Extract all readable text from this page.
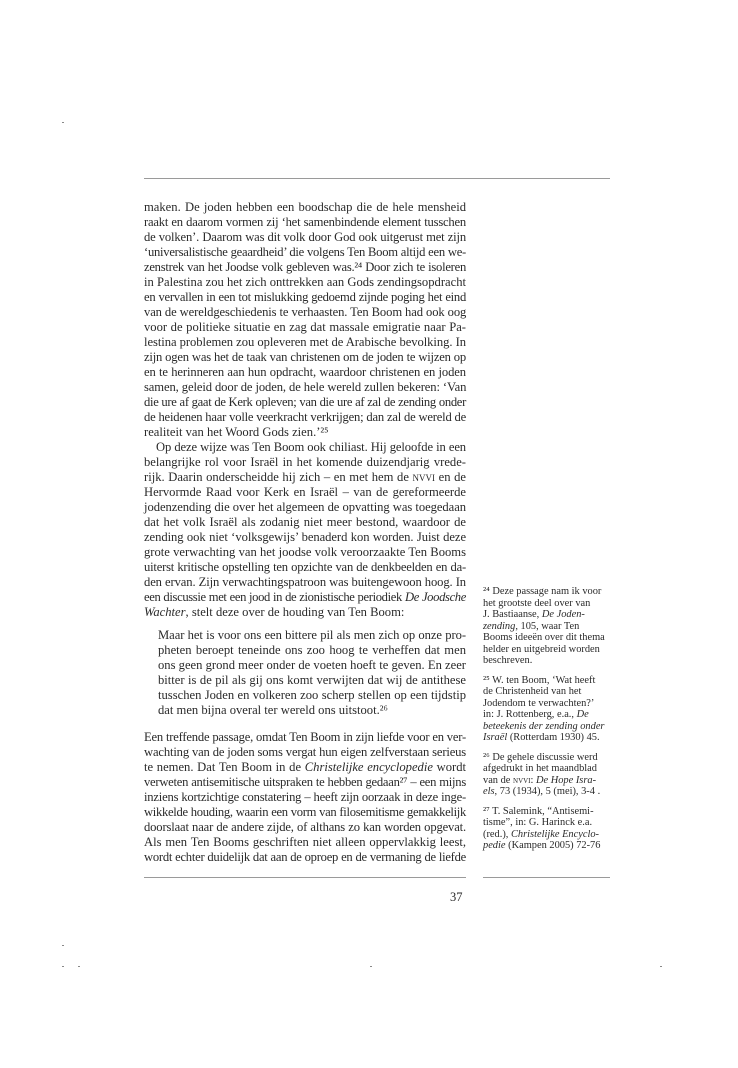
maken. De joden hebben een boodschap die de hele mensheid
raakt en daarom vormen zij ‘het samenbindende element tusschen
de volken’. Daarom was dit volk door God ook uitgerust met zijn
‘universalistische geaardheid’ die volgens Ten Boom altijd een we-
zenstrek van het Joodse volk gebleven was.²⁴ Door zich te isoleren
in Palestina zou het zich onttrekken aan Gods zendingsopdracht
en vervallen in een tot mislukking gedoemd zijnde poging het eind
van de wereldgeschiedenis te verhaasten. Ten Boom had ook oog
voor de politieke situatie en zag dat massale emigratie naar Pa-
lestina problemen zou opleveren met de Arabische bevolking. In
zijn ogen was het de taak van christenen om de joden te wijzen op
en te herinneren aan hun opdracht, waardoor christenen en joden
samen, geleid door de joden, de hele wereld zullen bekeren: ‘Van
die ure af gaat de Kerk opleven; van die ure af zal de zending onder
de heidenen haar volle veerkracht verkrijgen; dan zal de wereld de
realiteit van het Woord Gods zien.’²⁵
Op deze wijze was Ten Boom ook chiliast. Hij geloofde in een
belangrijke rol voor Israël in het komende duizendjarig vrede-
rijk. Daarin onderscheidde hij zich – en met hem de nvvi en de
Hervormde Raad voor Kerk en Israël – van de gereformeerde
jodenzending die over het algemeen de opvatting was toegedaan
dat het volk Israël als zodanig niet meer bestond, waardoor de
zending ook niet ‘volksgewijs’ benaderd kon worden. Juist deze
grote verwachting van het joodse volk veroorzaakte Ten Booms
uiterst kritische opstelling ten opzichte van de denkbeelden en da-
den ervan. Zijn verwachtingspatroon was buitengewoon hoog. In
een discussie met een jood in de zionistische periodiek De Joodsche
Wachter, stelt deze over de houding van Ten Boom:
Maar het is voor ons een bittere pil als men zich op onze pro-
pheten beroept teneinde ons zoo hoog te verheffen dat men
ons geen grond meer onder de voeten hoeft te geven. En zeer
bitter is de pil als gij ons komt verwijten dat wij de antithese
tusschen Joden en volkeren zoo scherp stellen op een tijdstip
dat men bijna overal ter wereld ons uitstoot.²⁶
Een treffende passage, omdat Ten Boom in zijn liefde voor en ver-
wachting van de joden soms vergat hun eigen zelfverstaan serieus
te nemen. Dat Ten Boom in de Christelijke encyclopedie wordt
verweten antisemitische uitspraken te hebben gedaan²⁷ – een mijns
inziens kortzichtige constatering – heeft zijn oorzaak in deze inge-
wikkelde houding, waarin een vorm van filosemitisme gemakkelijk
doorslaat naar de andere zijde, of althans zo kan worden opgevat.
Als men Ten Booms geschriften niet alleen oppervlakkig leest,
wordt echter duidelijk dat aan de oproep en de vermaning de liefde
²⁴ Deze passage nam ik voor
het grootste deel over van
J. Bastiaanse, De Joden-
zending, 105, waar Ten
Booms ideeën over dit thema
helder en uitgebreid worden
beschreven.
²⁵ W. ten Boom, ‘Wat heeft
de Christenheid van het
Jodendom te verwachten?’
in: J. Rottenberg, e.a., De
beteekenis der zending onder
Israël (Rotterdam 1930) 45.
²⁶ De gehele discussie werd
afgedrukt in het maandblad
van de nvvi: De Hope Isra-
els, 73 (1934), 5 (mei), 3-4 .
²⁷ T. Salemink, “Antisemi-
tisme”, in: G. Harinck e.a.
(red.), Christelijke Encyclo-
pedie (Kampen 2005) 72-76
37
